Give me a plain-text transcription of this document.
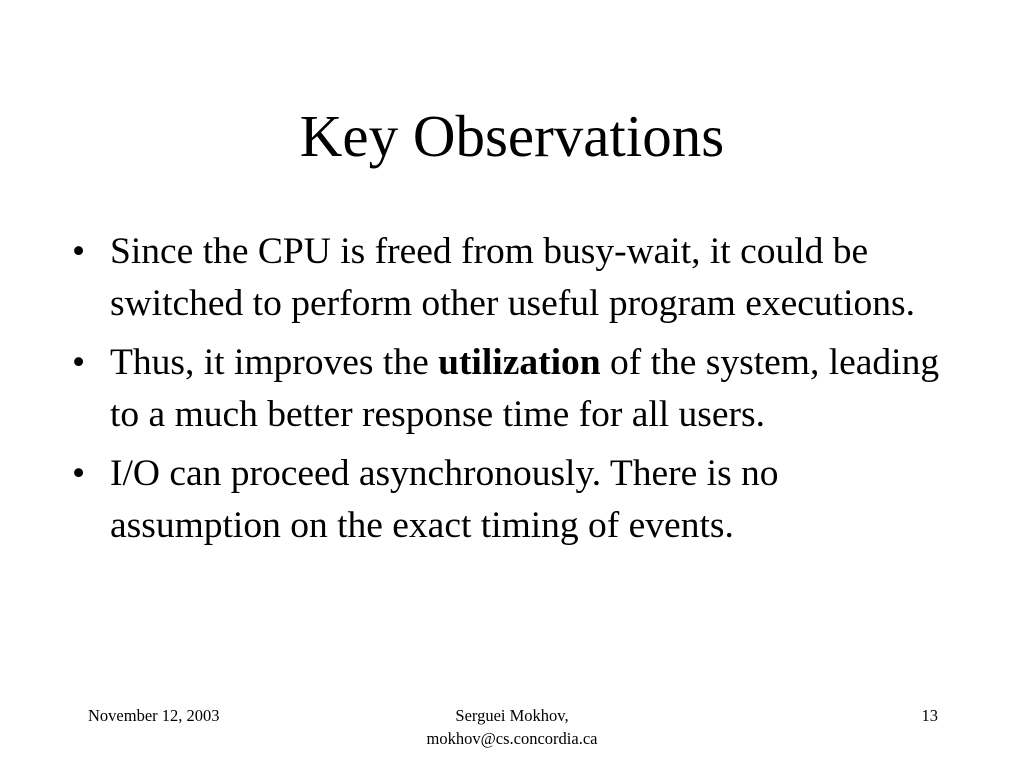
Key Observations
• Since the CPU is freed from busy-wait, it could be switched to perform other useful program executions.
• Thus, it improves the utilization of the system, leading to a much better response time for all users.
• I/O can proceed asynchronously. There is no assumption on the exact timing of events.
November 12, 2003	Serguei Mokhov,
mokhov@cs.concordia.ca
13
